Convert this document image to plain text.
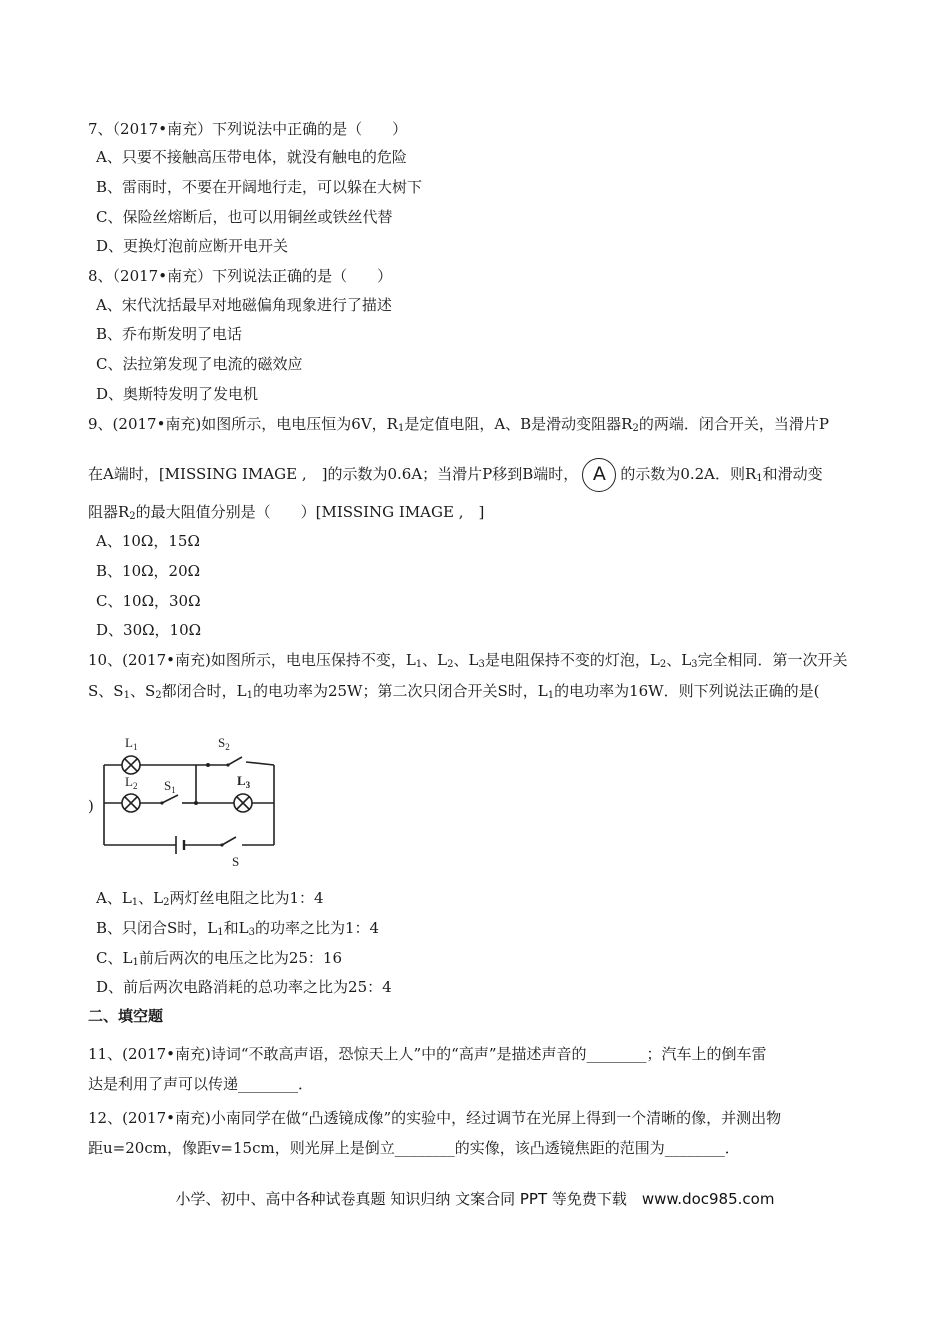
7、（2017•南充）下列说法中正确的是（　　）
A、只要不接触高压带电体，就没有触电的危险
B、雷雨时，不要在开阔地行走，可以躲在大树下
C、保险丝熔断后，也可以用铜丝或铁丝代替
D、更换灯泡前应断开电开关
8、（2017•南充）下列说法正确的是（　　）
A、宋代沈括最早对地磁偏角现象进行了描述
B、乔布斯发明了电话
C、法拉第发现了电流的磁效应
D、奥斯特发明了发电机
9、(2017•南充)如图所示，电电压恒为6V，$R_1$是定值电阻，A、B是滑动变阻器$R_2$的两端．闭合开关，当滑片P
在A端时，[MISSING IMAGE ,　]的示数为0.6A；当滑片P移到B端时， A 的示数为0.2A．则$R_1$和滑动变
阻器$R_2$的最大阻值分别是（　　）[MISSING IMAGE ,　]
A、10Ω，15Ω
B、10Ω，20Ω
C、10Ω，30Ω
D、30Ω，10Ω
10、(2017•南充)如图所示，电电压保持不变，$L_1$、$L_2$、$L_3$是电阻保持不变的灯泡，$L_2$、$L_3$完全相同．第一次开关
S、$S_1$、$S_2$都闭合时，$L_1$的电功率为25W；第二次只闭合开关S时，$L_1$的电功率为16W．则下列说法正确的是(
)
$L_1$
$L_2$
$S_2$
$S_1$
$L_3$
S
A、$L_1$、$L_2$两灯丝电阻之比为1：4
B、只闭合S时，$L_1$和$L_3$的功率之比为1：4
C、$L_1$前后两次的电压之比为25：16
D、前后两次电路消耗的总功率之比为25：4
二、填空题
11、(2017•南充)诗词“不敢高声语，恐惊天上人”中的“高声”是描述声音的________；汽车上的倒车雷
达是利用了声可以传递________．
12、(2017•南充)小南同学在做“凸透镜成像”的实验中，经过调节在光屏上得到一个清晰的像，并测出物
距u=20cm，像距v=15cm，则光屏上是倒立________的实像，该凸透镜焦距的范围为________．
小学、初中、高中各种试卷真题 知识归纳 文案合同 PPT 等免费下载　www.doc985.com
